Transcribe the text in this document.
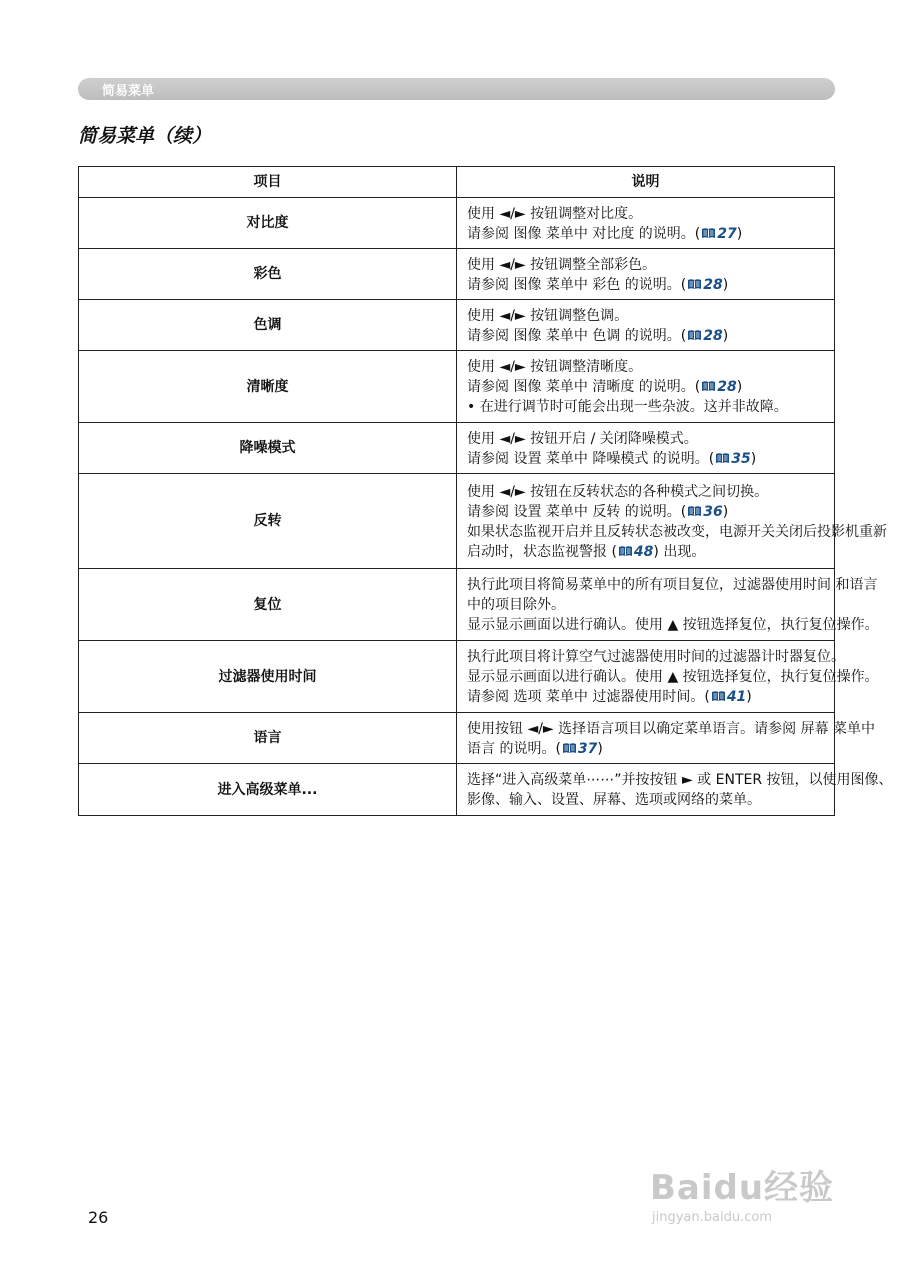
简易菜单
简易菜单（续）
项目	说明
对比度	使用 ◄/► 按钮调整对比度。
请参阅 图像 菜单中 对比度 的说明。( 27)

彩色	使用 ◄/► 按钮调整全部彩色。
请参阅 图像 菜单中 彩色 的说明。( 28)

色调	使用 ◄/► 按钮调整色调。
请参阅 图像 菜单中 色调 的说明。( 28)

清晰度	使用 ◄/► 按钮调整清晰度。
请参阅 图像 菜单中 清晰度 的说明。( 28)
• 在进行调节时可能会出现一些杂波。这并非故障。

降噪模式	使用 ◄/► 按钮开启 / 关闭降噪模式。
请参阅 设置 菜单中 降噪模式 的说明。( 35)

反转	使用 ◄/► 按钮在反转状态的各种模式之间切换。
请参阅 设置 菜单中 反转 的说明。( 36)
如果状态监视开启并且反转状态被改变，电源开关关闭后投影机重新
启动时，状态监视警报 ( 48) 出现。

复位	执行此项目将简易菜单中的所有项目复位，过滤器使用时间 和语言
中的项目除外。
显示显示画面以进行确认。使用 ▲ 按钮选择复位，执行复位操作。

过滤器使用时间	执行此项目将计算空气过滤器使用时间的过滤器计时器复位。
显示显示画面以进行确认。使用 ▲ 按钮选择复位，执行复位操作。
请参阅 选项 菜单中 过滤器使用时间。( 41)

语言	使用按钮 ◄/► 选择语言项目以确定菜单语言。请参阅 屏幕 菜单中
语言 的说明。( 37)

进入高级菜单...	选择“进入高级菜单⋯⋯”并按按钮 ► 或 ENTER 按钮，以使用图像、
影像、输入、设置、屏幕、选项或网络的菜单。
26
Baidu经验
jingyan.baidu.com
